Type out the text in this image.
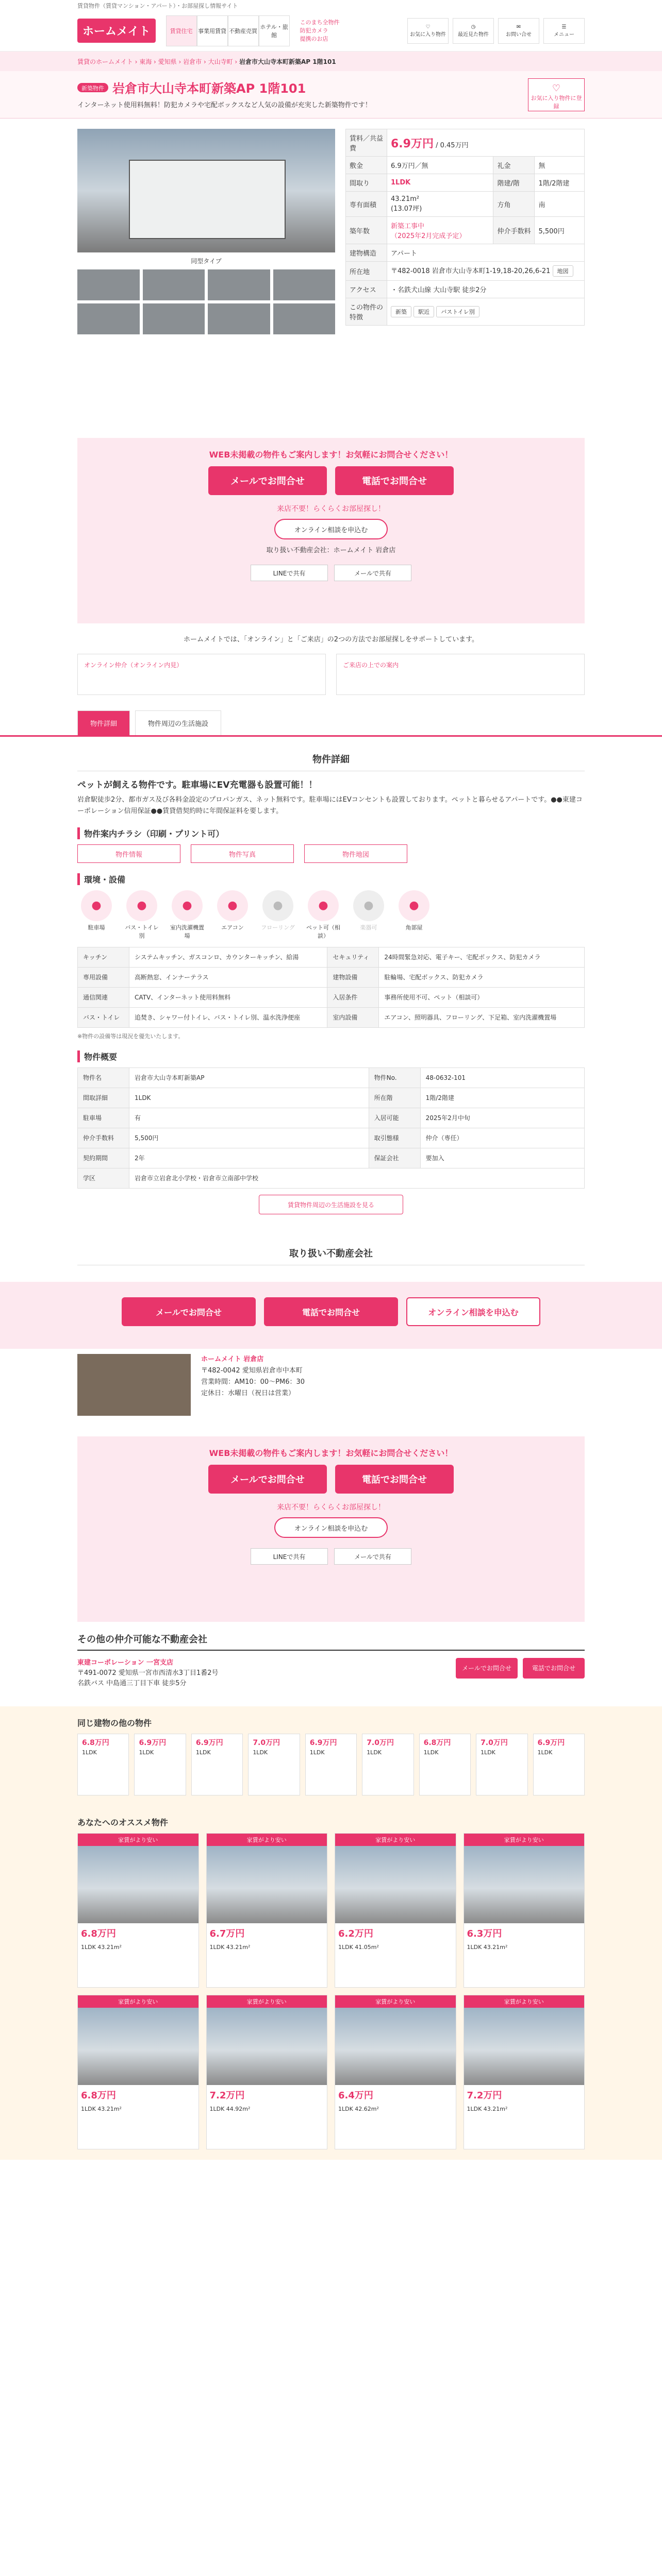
賃貸物件（賃貸マンション・アパート）・お部屋探し情報サイト
ホームメイト	賃貸住宅 事業用賃貸 不動産売買
ホテル・旅館
このまち全物件
防犯カメラ
提携のお店
♡
お気に入り物件
◷
最近見た物件
✉
お問い合せ
☰
メニュー
賃貸のホームメイト › 東海 › 愛知県 › 岩倉市 › 大山寺町 › 岩倉市大山寺本町新築AP 1階101
新築物件 岩倉市大山寺本町新築AP 1階101
インターネット使用料無料！防犯カメラや宅配ボックスなど人気の設備が充実した新築物件です！
♡
お気に入り物件に登録
同型タイプ
賃料／共益費	6.9万円 / 0.45万円		
敷金	6.9万円／無	礼金	無
間取り	1LDK	階建/階	1階/2階建
専有面積	43.21m²
(13.07坪)	方角	南
築年数	新築工事中
（2025年2月完成予定）	仲介手数料	5,500円
建物構造	アパート		
所在地	〒482-0018 岩倉市大山寺本町1-19,18-20,26,6-21 地図		
アクセス	・名鉄犬山線 大山寺駅 徒歩2分		
この物件の特徴	新築 駅近 バストイレ別		
WEB未掲載の物件もご案内します！お気軽にお問合せください！
メールでお問合せ	電話でお問合せ
来店不要！らくらくお部屋探し！
オンライン相談を申込む
取り扱い不動産会社：ホームメイト 岩倉店
LINEで共有	メールで共有
ホームメイトでは、「オンライン」と「ご来店」の2つの方法でお部屋探しをサポートしています。
オンライン仲介（オンライン内見）	ご来店の上での案内
物件詳細	物件周辺の生活施設
物件詳細
ペットが飼える物件です。駐車場にEV充電器も設置可能！！
岩倉駅徒歩2分、都市ガス及び各料金設定のプロパンガス、ネット無料です。駐車場にはEVコンセントも設置しております。ペットと暮らせるアパートです。●●東建コーポレーション信用保証●●賃貸借契約時に年間保証料を要します。
物件案内チラシ（印刷・プリント可）
物件情報	物件写真	物件地図
環境・設備
●
駐車場
●
バス・トイレ別
●
室内洗濯機置場
●
エアコン
●
フローリング
●
ペット可（相談）
●
楽器可
●
角部屋
キッチン	システムキッチン、ガスコンロ、カウンターキッチン、給湯	セキュリティ	24時間緊急対応、電子キー、宅配ボックス、防犯カメラ
専用設備	高断熱窓、インナーテラス	建物設備	駐輪場、宅配ボックス、防犯カメラ
通信関連	CATV、インターネット使用料無料	入居条件	事務所使用不可、ペット（相談可）
バス・トイレ	追焚き、シャワー付トイレ、バス・トイレ別、温水洗浄便座	室内設備	エアコン、照明器具、フローリング、下足箱、室内洗濯機置場
※物件の設備等は現況を優先いたします。
物件概要
物件名	岩倉市大山寺本町新築AP	物件No.	48-0632-101
間取詳細	1LDK	所在階	1階/2階建
駐車場	有	入居可能	2025年2月中旬
仲介手数料	5,500円	取引態様	仲介（専任）
契約期間	2年	保証会社	要加入
学区	岩倉市立岩倉北小学校・岩倉市立南部中学校		
賃貸物件周辺の生活施設を見る
取り扱い不動産会社
メールでお問合せ	電話でお問合せ	オンライン相談を申込む
ホームメイト 岩倉店
〒482-0042 愛知県岩倉市中本町
営業時間：AM10：00〜PM6：30
定休日：水曜日（祝日は営業）
WEB未掲載の物件もご案内します！お気軽にお問合せください！
メールでお問合せ	電話でお問合せ
来店不要！らくらくお部屋探し！
オンライン相談を申込む
LINEで共有	メールで共有
その他の仲介可能な不動産会社
東建コーポレーション 一宮支店
〒491-0072 愛知県一宮市西清水3丁目1番2号
名鉄バス 中島通三丁目下車 徒歩5分
メールでお問合せ	電話でお問合せ
同じ建物の他の物件
6.8万円
1LDK
6.9万円
1LDK
6.9万円
1LDK
7.0万円
1LDK
6.9万円
1LDK
7.0万円
1LDK
6.8万円
1LDK
7.0万円
1LDK
6.9万円
1LDK
あなたへのオススメ物件
家賃がより安い
6.8万円
1LDK 43.21m²
家賃がより安い
6.7万円
1LDK 43.21m²
家賃がより安い
6.2万円
1LDK 41.05m²
家賃がより安い
6.3万円
1LDK 43.21m²
家賃がより安い
6.8万円
1LDK 43.21m²
家賃がより安い
7.2万円
1LDK 44.92m²
家賃がより安い
6.4万円
1LDK 42.62m²
家賃がより安い
7.2万円
1LDK 43.21m²
